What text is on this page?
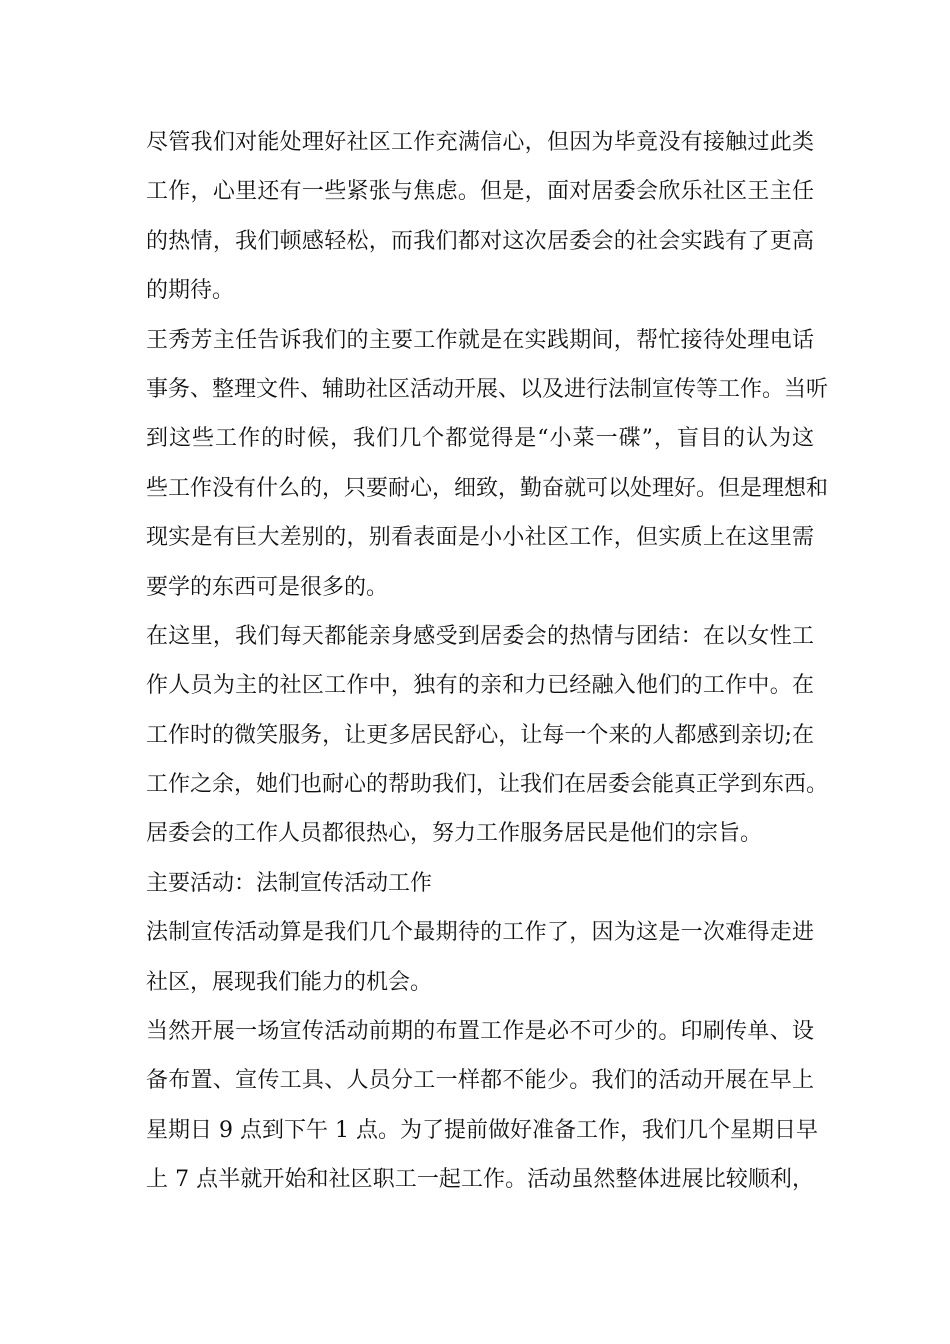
尽管我们对能处理好社区工作充满信心，但因为毕竟没有接触过此类
工作，心里还有一些紧张与焦虑。但是，面对居委会欣乐社区王主任
的热情，我们顿感轻松，而我们都对这次居委会的社会实践有了更高
的期待。
王秀芳主任告诉我们的主要工作就是在实践期间，帮忙接待处理电话
事务、整理文件、辅助社区活动开展、以及进行法制宣传等工作。当听
到这些工作的时候，我们几个都觉得是“小菜一碟”，盲目的认为这
些工作没有什么的，只要耐心，细致，勤奋就可以处理好。但是理想和
现实是有巨大差别的，别看表面是小小社区工作，但实质上在这里需
要学的东西可是很多的。
在这里，我们每天都能亲身感受到居委会的热情与团结：在以女性工
作人员为主的社区工作中，独有的亲和力已经融入他们的工作中。在
工作时的微笑服务，让更多居民舒心，让每一个来的人都感到亲切;在
工作之余，她们也耐心的帮助我们，让我们在居委会能真正学到东西。
居委会的工作人员都很热心，努力工作服务居民是他们的宗旨。
主要活动：法制宣传活动工作
法制宣传活动算是我们几个最期待的工作了，因为这是一次难得走进
社区，展现我们能力的机会。
当然开展一场宣传活动前期的布置工作是必不可少的。印刷传单、设
备布置、宣传工具、人员分工一样都不能少。我们的活动开展在早上
星期日 9 点到下午 1 点。为了提前做好准备工作，我们几个星期日早
上 7 点半就开始和社区职工一起工作。活动虽然整体进展比较顺利，
